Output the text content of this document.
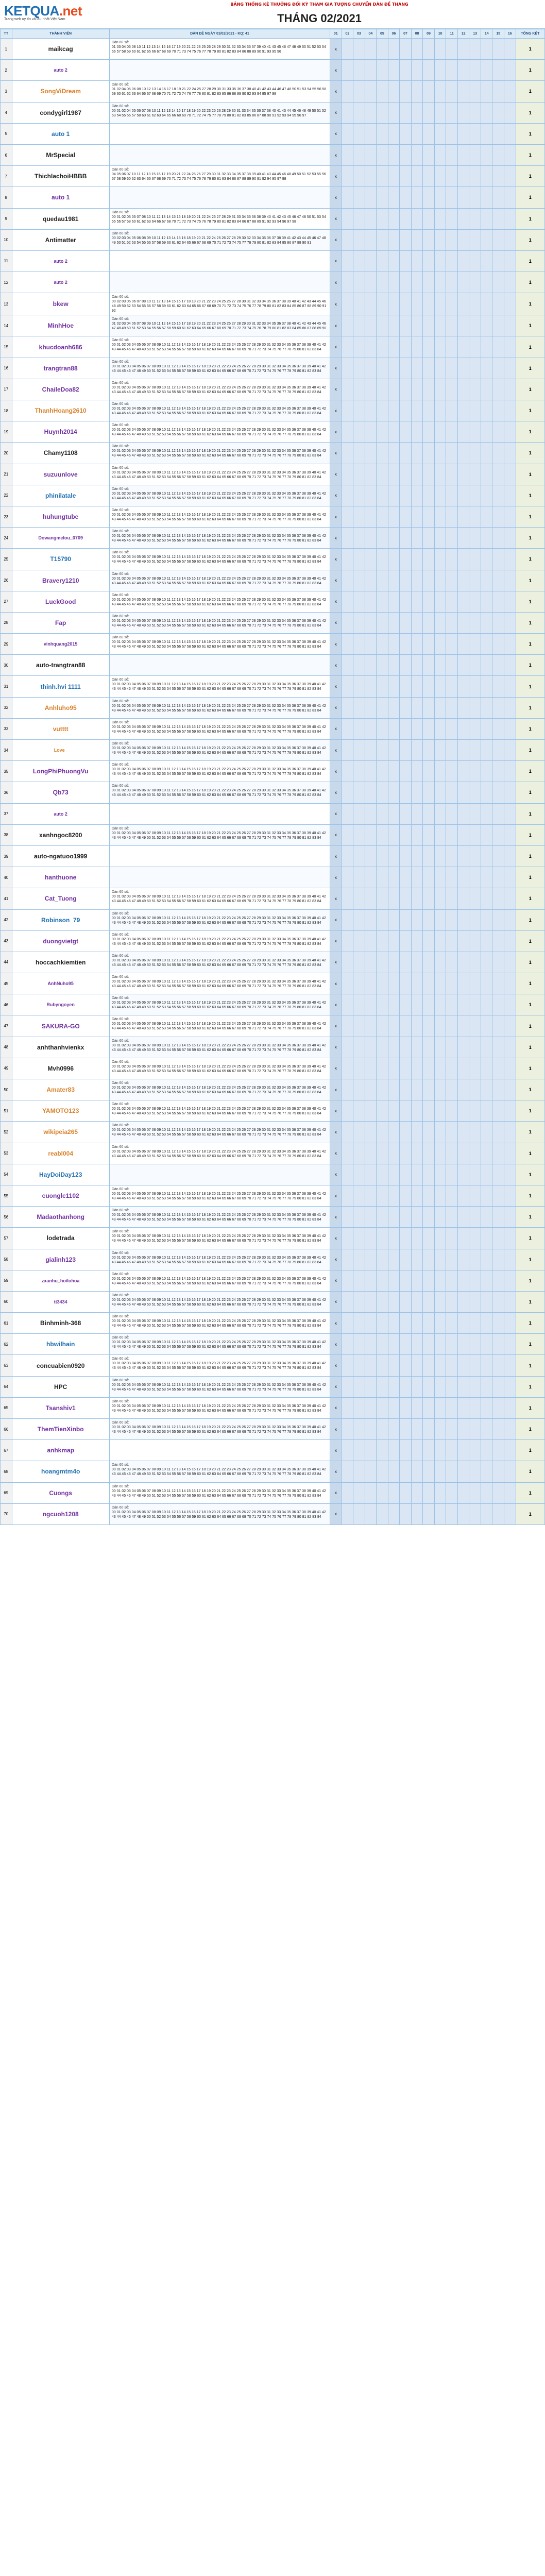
KETQUA.net
Trang web uy tín và lâu nhất Việt Nam
BẢNG THỐNG KÊ THƯỞNG ĐỐI KỲ THAM GIA TƯỢNG CHUYỂN DÀN ĐỀ THÁNG
THÁNG 02/2021
TT	THÀNH VIÊN	DÀN ĐỀ NGÀY 01/02/2021 - KQ: 41	01	02	03	04	05	06	07	08	09	10	11	12	13	14	15	16	TỔNG KẾT
1	maikcag	Dàn 60 số:
01 03 04 06 08 10 11 12 13 14 15 16 17 19 20 21 22 23 25 26 28 29 30 31 32 33 34 35 37 39 40 41 43 45 46 47 48 49 50 51 52 53 54 56 57 58 59 60 61 62 65 66 67 68 69 70 71 73 74 75 76 77 78 79 80 81 82 83 84 86 88 89 90 91 93 95 96	x																1
2	auto 2		x																1
3	SongViDream	Dàn 60 số:
01 02 04 05 06 08 10 12 13 14 16 17 18 19 21 22 24 25 27 28 29 30 31 33 35 36 37 38 40 41 42 43 44 46 47 48 50 51 53 54 55 56 58 59 60 61 62 63 64 66 67 68 69 70 71 72 73 74 76 77 78 80 81 82 83 85 86 88 89 90 92 93 94 95 97 98	x																1
4	condygirl1987	Dàn 60 số:
00 01 02 04 05 06 07 08 10 11 12 13 14 16 17 18 19 20 22 23 25 26 28 29 30 31 33 34 35 36 37 38 40 41 43 44 45 46 48 49 50 51 52 53 54 55 56 57 58 60 61 62 63 64 65 66 68 69 70 71 72 74 75 77 78 79 80 81 82 83 85 86 87 88 90 91 92 93 94 95 96 97	x																1
5	auto 1		x																1
6	MrSpecial		x																1
7	ThichlachoiHBBB	Dàn 60 số:
04 05 06 07 10 11 12 13 15 16 17 19 20 21 22 24 25 26 27 29 30 31 32 33 34 35 37 38 39 40 41 43 44 45 46 48 49 50 51 52 53 55 56 57 58 59 60 62 63 64 65 67 68 69 70 71 72 73 74 75 76 78 79 80 81 83 84 86 87 88 89 90 91 92 94 95 97 98	x																1
8	auto 1		x																1
9	quedau1981	Dàn 60 số:
00 01 02 03 05 07 08 10 11 12 13 14 15 16 18 19 20 21 22 24 26 27 28 29 31 33 34 35 36 38 39 40 41 42 43 45 46 47 48 50 51 53 54 55 56 57 58 60 61 62 63 64 66 67 68 70 71 72 73 74 75 76 78 79 80 81 82 83 84 86 87 88 89 91 92 93 94 96 97 98	x																1
10	Antimatter	Dàn 60 số:
00 02 03 04 05 06 08 09 10 11 12 13 14 15 16 18 19 20 21 22 24 25 26 27 28 29 30 32 33 34 35 36 37 38 39 41 42 43 44 45 46 47 48 49 50 51 52 53 54 55 56 57 58 59 60 61 62 64 65 66 67 68 69 70 71 72 73 74 75 77 78 79 80 81 82 83 84 85 86 87 88 90 91	x																1
11	auto 2		x																1
12	auto 2		x																1
13	bkew	Dàn 60 số:
00 02 03 05 06 07 08 10 11 12 13 14 15 16 17 18 19 20 21 22 23 24 25 26 27 28 30 31 32 33 34 35 36 37 38 39 40 41 42 43 44 45 46 48 49 50 52 53 54 55 56 57 58 59 60 61 62 63 64 65 66 67 68 69 70 71 72 73 74 75 76 77 78 79 80 81 82 83 84 85 86 87 88 89 90 91 92	x																1
14	MinhHoe	Dàn 60 số:
01 02 03 04 06 07 08 09 10 11 12 14 15 16 17 18 19 20 21 22 23 24 25 26 27 28 29 30 31 32 33 34 35 36 37 38 40 41 42 43 44 45 46 47 48 49 50 51 52 53 54 55 56 57 58 59 60 61 62 63 64 65 66 67 68 69 70 71 72 73 74 75 76 78 79 80 81 82 83 84 85 86 87 88 89 90	x																1
15	khucdoanh686	Dàn 60 số:
00 01 02 03 04 05 06 07 08 09 10 11 12 13 14 15 16 17 18 19 20 21 22 23 24 25 26 27 28 29 30 31 32 33 34 35 36 37 38 39 40 41 42 43 44 45 46 47 48 49 50 51 52 53 54 55 56 57 58 59 60 61 62 63 64 65 66 67 68 69 70 71 72 73 74 75 76 77 78 79 80 81 82 83 84	x																1
16	trangtran88	Dàn 60 số:
00 01 02 03 04 05 06 07 08 09 10 11 12 13 14 15 16 17 18 19 20 21 22 23 24 25 26 27 28 29 30 31 32 33 34 35 36 37 38 39 40 41 42 43 44 45 46 47 48 49 50 51 52 53 54 55 56 57 58 59 60 61 62 63 64 65 66 67 68 69 70 71 72 73 74 75 76 77 78 79 80 81 82 83 84	x																1
17	ChaileDoa82	Dàn 60 số:
00 01 02 03 04 05 06 07 08 09 10 11 12 13 14 15 16 17 18 19 20 21 22 23 24 25 26 27 28 29 30 31 32 33 34 35 36 37 38 39 40 41 42 43 44 45 46 47 48 49 50 51 52 53 54 55 56 57 58 59 60 61 62 63 64 65 66 67 68 69 70 71 72 73 74 75 76 77 78 79 80 81 82 83 84	x																1
18	ThanhHoang2610	Dàn 60 số:
00 01 02 03 04 05 06 07 08 09 10 11 12 13 14 15 16 17 18 19 20 21 22 23 24 25 26 27 28 29 30 31 32 33 34 35 36 37 38 39 40 41 42 43 44 45 46 47 48 49 50 51 52 53 54 55 56 57 58 59 60 61 62 63 64 65 66 67 68 69 70 71 72 73 74 75 76 77 78 79 80 81 82 83 84	x																1
19	Huynh2014	Dàn 60 số:
00 01 02 03 04 05 06 07 08 09 10 11 12 13 14 15 16 17 18 19 20 21 22 23 24 25 26 27 28 29 30 31 32 33 34 35 36 37 38 39 40 41 42 43 44 45 46 47 48 49 50 51 52 53 54 55 56 57 58 59 60 61 62 63 64 65 66 67 68 69 70 71 72 73 74 75 76 77 78 79 80 81 82 83 84	x																1
20	Chamy1108	Dàn 60 số:
00 01 02 03 04 05 06 07 08 09 10 11 12 13 14 15 16 17 18 19 20 21 22 23 24 25 26 27 28 29 30 31 32 33 34 35 36 37 38 39 40 41 42 43 44 45 46 47 48 49 50 51 52 53 54 55 56 57 58 59 60 61 62 63 64 65 66 67 68 69 70 71 72 73 74 75 76 77 78 79 80 81 82 83 84	x																1
21	suzuunlove	Dàn 60 số:
00 01 02 03 04 05 06 07 08 09 10 11 12 13 14 15 16 17 18 19 20 21 22 23 24 25 26 27 28 29 30 31 32 33 34 35 36 37 38 39 40 41 42 43 44 45 46 47 48 49 50 51 52 53 54 55 56 57 58 59 60 61 62 63 64 65 66 67 68 69 70 71 72 73 74 75 76 77 78 79 80 81 82 83 84	x																1
22	phinilatale	Dàn 60 số:
00 01 02 03 04 05 06 07 08 09 10 11 12 13 14 15 16 17 18 19 20 21 22 23 24 25 26 27 28 29 30 31 32 33 34 35 36 37 38 39 40 41 42 43 44 45 46 47 48 49 50 51 52 53 54 55 56 57 58 59 60 61 62 63 64 65 66 67 68 69 70 71 72 73 74 75 76 77 78 79 80 81 82 83 84	x																1
23	huhungtube	Dàn 60 số:
00 01 02 03 04 05 06 07 08 09 10 11 12 13 14 15 16 17 18 19 20 21 22 23 24 25 26 27 28 29 30 31 32 33 34 35 36 37 38 39 40 41 42 43 44 45 46 47 48 49 50 51 52 53 54 55 56 57 58 59 60 61 62 63 64 65 66 67 68 69 70 71 72 73 74 75 76 77 78 79 80 81 82 83 84	x																1
24	Dowangmelou_0709	Dàn 60 số:
00 01 02 03 04 05 06 07 08 09 10 11 12 13 14 15 16 17 18 19 20 21 22 23 24 25 26 27 28 29 30 31 32 33 34 35 36 37 38 39 40 41 42 43 44 45 46 47 48 49 50 51 52 53 54 55 56 57 58 59 60 61 62 63 64 65 66 67 68 69 70 71 72 73 74 75 76 77 78 79 80 81 82 83 84	x																1
25	T15790	Dàn 60 số:
00 01 02 03 04 05 06 07 08 09 10 11 12 13 14 15 16 17 18 19 20 21 22 23 24 25 26 27 28 29 30 31 32 33 34 35 36 37 38 39 40 41 42 43 44 45 46 47 48 49 50 51 52 53 54 55 56 57 58 59 60 61 62 63 64 65 66 67 68 69 70 71 72 73 74 75 76 77 78 79 80 81 82 83 84	x																1
26	Bravery1210	Dàn 60 số:
00 01 02 03 04 05 06 07 08 09 10 11 12 13 14 15 16 17 18 19 20 21 22 23 24 25 26 27 28 29 30 31 32 33 34 35 36 37 38 39 40 41 42 43 44 45 46 47 48 49 50 51 52 53 54 55 56 57 58 59 60 61 62 63 64 65 66 67 68 69 70 71 72 73 74 75 76 77 78 79 80 81 82 83 84	x																1
27	LuckGood	Dàn 60 số:
00 01 02 03 04 05 06 07 08 09 10 11 12 13 14 15 16 17 18 19 20 21 22 23 24 25 26 27 28 29 30 31 32 33 34 35 36 37 38 39 40 41 42 43 44 45 46 47 48 49 50 51 52 53 54 55 56 57 58 59 60 61 62 63 64 65 66 67 68 69 70 71 72 73 74 75 76 77 78 79 80 81 82 83 84	x																1
28	Fap	Dàn 60 số:
00 01 02 03 04 05 06 07 08 09 10 11 12 13 14 15 16 17 18 19 20 21 22 23 24 25 26 27 28 29 30 31 32 33 34 35 36 37 38 39 40 41 42 43 44 45 46 47 48 49 50 51 52 53 54 55 56 57 58 59 60 61 62 63 64 65 66 67 68 69 70 71 72 73 74 75 76 77 78 79 80 81 82 83 84	x																1
29	vinhquang2015	Dàn 60 số:
00 01 02 03 04 05 06 07 08 09 10 11 12 13 14 15 16 17 18 19 20 21 22 23 24 25 26 27 28 29 30 31 32 33 34 35 36 37 38 39 40 41 42 43 44 45 46 47 48 49 50 51 52 53 54 55 56 57 58 59 60 61 62 63 64 65 66 67 68 69 70 71 72 73 74 75 76 77 78 79 80 81 82 83 84	x																1
30	auto-trangtran88		x																1
31	thinh.hvi 1111	Dàn 60 số:
00 01 02 03 04 05 06 07 08 09 10 11 12 13 14 15 16 17 18 19 20 21 22 23 24 25 26 27 28 29 30 31 32 33 34 35 36 37 38 39 40 41 42 43 44 45 46 47 48 49 50 51 52 53 54 55 56 57 58 59 60 61 62 63 64 65 66 67 68 69 70 71 72 73 74 75 76 77 78 79 80 81 82 83 84	x																1
32	Anhluho95	Dàn 60 số:
00 01 02 03 04 05 06 07 08 09 10 11 12 13 14 15 16 17 18 19 20 21 22 23 24 25 26 27 28 29 30 31 32 33 34 35 36 37 38 39 40 41 42 43 44 45 46 47 48 49 50 51 52 53 54 55 56 57 58 59 60 61 62 63 64 65 66 67 68 69 70 71 72 73 74 75 76 77 78 79 80 81 82 83 84	x																1
33	vutttt	Dàn 60 số:
00 01 02 03 04 05 06 07 08 09 10 11 12 13 14 15 16 17 18 19 20 21 22 23 24 25 26 27 28 29 30 31 32 33 34 35 36 37 38 39 40 41 42 43 44 45 46 47 48 49 50 51 52 53 54 55 56 57 58 59 60 61 62 63 64 65 66 67 68 69 70 71 72 73 74 75 76 77 78 79 80 81 82 83 84	x																1
34	Love_	Dàn 60 số:
00 01 02 03 04 05 06 07 08 09 10 11 12 13 14 15 16 17 18 19 20 21 22 23 24 25 26 27 28 29 30 31 32 33 34 35 36 37 38 39 40 41 42 43 44 45 46 47 48 49 50 51 52 53 54 55 56 57 58 59 60 61 62 63 64 65 66 67 68 69 70 71 72 73 74 75 76 77 78 79 80 81 82 83 84	x																1
35	LongPhiPhuongVu	Dàn 60 số:
00 01 02 03 04 05 06 07 08 09 10 11 12 13 14 15 16 17 18 19 20 21 22 23 24 25 26 27 28 29 30 31 32 33 34 35 36 37 38 39 40 41 42 43 44 45 46 47 48 49 50 51 52 53 54 55 56 57 58 59 60 61 62 63 64 65 66 67 68 69 70 71 72 73 74 75 76 77 78 79 80 81 82 83 84	x																1
36	Qb73	Dàn 60 số:
00 01 02 03 04 05 06 07 08 09 10 11 12 13 14 15 16 17 18 19 20 21 22 23 24 25 26 27 28 29 30 31 32 33 34 35 36 37 38 39 40 41 42 43 44 45 46 47 48 49 50 51 52 53 54 55 56 57 58 59 60 61 62 63 64 65 66 67 68 69 70 71 72 73 74 75 76 77 78 79 80 81 82 83 84	x																1
37	auto 2		x																1
38	xanhngoc8200	Dàn 60 số:
00 01 02 03 04 05 06 07 08 09 10 11 12 13 14 15 16 17 18 19 20 21 22 23 24 25 26 27 28 29 30 31 32 33 34 35 36 37 38 39 40 41 42 43 44 45 46 47 48 49 50 51 52 53 54 55 56 57 58 59 60 61 62 63 64 65 66 67 68 69 70 71 72 73 74 75 76 77 78 79 80 81 82 83 84	x																1
39	auto-ngatuoo1999		x																1
40	hanthuone		x																1
41	Cat_Tuong	Dàn 60 số:
00 01 02 03 04 05 06 07 08 09 10 11 12 13 14 15 16 17 18 19 20 21 22 23 24 25 26 27 28 29 30 31 32 33 34 35 36 37 38 39 40 41 42 43 44 45 46 47 48 49 50 51 52 53 54 55 56 57 58 59 60 61 62 63 64 65 66 67 68 69 70 71 72 73 74 75 76 77 78 79 80 81 82 83 84	x																1
42	Robinson_79	Dàn 60 số:
00 01 02 03 04 05 06 07 08 09 10 11 12 13 14 15 16 17 18 19 20 21 22 23 24 25 26 27 28 29 30 31 32 33 34 35 36 37 38 39 40 41 42 43 44 45 46 47 48 49 50 51 52 53 54 55 56 57 58 59 60 61 62 63 64 65 66 67 68 69 70 71 72 73 74 75 76 77 78 79 80 81 82 83 84	x																1
43	duongvietgt	Dàn 60 số:
00 01 02 03 04 05 06 07 08 09 10 11 12 13 14 15 16 17 18 19 20 21 22 23 24 25 26 27 28 29 30 31 32 33 34 35 36 37 38 39 40 41 42 43 44 45 46 47 48 49 50 51 52 53 54 55 56 57 58 59 60 61 62 63 64 65 66 67 68 69 70 71 72 73 74 75 76 77 78 79 80 81 82 83 84	x																1
44	hoccachkiemtien	Dàn 60 số:
00 01 02 03 04 05 06 07 08 09 10 11 12 13 14 15 16 17 18 19 20 21 22 23 24 25 26 27 28 29 30 31 32 33 34 35 36 37 38 39 40 41 42 43 44 45 46 47 48 49 50 51 52 53 54 55 56 57 58 59 60 61 62 63 64 65 66 67 68 69 70 71 72 73 74 75 76 77 78 79 80 81 82 83 84	x																1
45	AnhNuho95	Dàn 60 số:
00 01 02 03 04 05 06 07 08 09 10 11 12 13 14 15 16 17 18 19 20 21 22 23 24 25 26 27 28 29 30 31 32 33 34 35 36 37 38 39 40 41 42 43 44 45 46 47 48 49 50 51 52 53 54 55 56 57 58 59 60 61 62 63 64 65 66 67 68 69 70 71 72 73 74 75 76 77 78 79 80 81 82 83 84	x																1
46	Rubyngoyen	Dàn 60 số:
00 01 02 03 04 05 06 07 08 09 10 11 12 13 14 15 16 17 18 19 20 21 22 23 24 25 26 27 28 29 30 31 32 33 34 35 36 37 38 39 40 41 42 43 44 45 46 47 48 49 50 51 52 53 54 55 56 57 58 59 60 61 62 63 64 65 66 67 68 69 70 71 72 73 74 75 76 77 78 79 80 81 82 83 84	x																1
47	SAKURA-GO	Dàn 60 số:
00 01 02 03 04 05 06 07 08 09 10 11 12 13 14 15 16 17 18 19 20 21 22 23 24 25 26 27 28 29 30 31 32 33 34 35 36 37 38 39 40 41 42 43 44 45 46 47 48 49 50 51 52 53 54 55 56 57 58 59 60 61 62 63 64 65 66 67 68 69 70 71 72 73 74 75 76 77 78 79 80 81 82 83 84	x																1
48	anhthanhvienkx	Dàn 60 số:
00 01 02 03 04 05 06 07 08 09 10 11 12 13 14 15 16 17 18 19 20 21 22 23 24 25 26 27 28 29 30 31 32 33 34 35 36 37 38 39 40 41 42 43 44 45 46 47 48 49 50 51 52 53 54 55 56 57 58 59 60 61 62 63 64 65 66 67 68 69 70 71 72 73 74 75 76 77 78 79 80 81 82 83 84	x																1
49	Mvh0996	Dàn 60 số:
00 01 02 03 04 05 06 07 08 09 10 11 12 13 14 15 16 17 18 19 20 21 22 23 24 25 26 27 28 29 30 31 32 33 34 35 36 37 38 39 40 41 42 43 44 45 46 47 48 49 50 51 52 53 54 55 56 57 58 59 60 61 62 63 64 65 66 67 68 69 70 71 72 73 74 75 76 77 78 79 80 81 82 83 84	x																1
50	Amater83	Dàn 60 số:
00 01 02 03 04 05 06 07 08 09 10 11 12 13 14 15 16 17 18 19 20 21 22 23 24 25 26 27 28 29 30 31 32 33 34 35 36 37 38 39 40 41 42 43 44 45 46 47 48 49 50 51 52 53 54 55 56 57 58 59 60 61 62 63 64 65 66 67 68 69 70 71 72 73 74 75 76 77 78 79 80 81 82 83 84	x																1
51	YAMOTO123	Dàn 60 số:
00 01 02 03 04 05 06 07 08 09 10 11 12 13 14 15 16 17 18 19 20 21 22 23 24 25 26 27 28 29 30 31 32 33 34 35 36 37 38 39 40 41 42 43 44 45 46 47 48 49 50 51 52 53 54 55 56 57 58 59 60 61 62 63 64 65 66 67 68 69 70 71 72 73 74 75 76 77 78 79 80 81 82 83 84	x																1
52	wikipeia265	Dàn 60 số:
00 01 02 03 04 05 06 07 08 09 10 11 12 13 14 15 16 17 18 19 20 21 22 23 24 25 26 27 28 29 30 31 32 33 34 35 36 37 38 39 40 41 42 43 44 45 46 47 48 49 50 51 52 53 54 55 56 57 58 59 60 61 62 63 64 65 66 67 68 69 70 71 72 73 74 75 76 77 78 79 80 81 82 83 84	x																1
53	reabl004	Dàn 60 số:
00 01 02 03 04 05 06 07 08 09 10 11 12 13 14 15 16 17 18 19 20 21 22 23 24 25 26 27 28 29 30 31 32 33 34 35 36 37 38 39 40 41 42 43 44 45 46 47 48 49 50 51 52 53 54 55 56 57 58 59 60 61 62 63 64 65 66 67 68 69 70 71 72 73 74 75 76 77 78 79 80 81 82 83 84	x																1
54	HayDoiDay123		x																1
55	cuonglc1102	Dàn 60 số:
00 01 02 03 04 05 06 07 08 09 10 11 12 13 14 15 16 17 18 19 20 21 22 23 24 25 26 27 28 29 30 31 32 33 34 35 36 37 38 39 40 41 42 43 44 45 46 47 48 49 50 51 52 53 54 55 56 57 58 59 60 61 62 63 64 65 66 67 68 69 70 71 72 73 74 75 76 77 78 79 80 81 82 83 84	x																1
56	Madaothanhong	Dàn 60 số:
00 01 02 03 04 05 06 07 08 09 10 11 12 13 14 15 16 17 18 19 20 21 22 23 24 25 26 27 28 29 30 31 32 33 34 35 36 37 38 39 40 41 42 43 44 45 46 47 48 49 50 51 52 53 54 55 56 57 58 59 60 61 62 63 64 65 66 67 68 69 70 71 72 73 74 75 76 77 78 79 80 81 82 83 84	x																1
57	lodetrada	Dàn 60 số:
00 01 02 03 04 05 06 07 08 09 10 11 12 13 14 15 16 17 18 19 20 21 22 23 24 25 26 27 28 29 30 31 32 33 34 35 36 37 38 39 40 41 42 43 44 45 46 47 48 49 50 51 52 53 54 55 56 57 58 59 60 61 62 63 64 65 66 67 68 69 70 71 72 73 74 75 76 77 78 79 80 81 82 83 84	x																1
58	gialinh123	Dàn 60 số:
00 01 02 03 04 05 06 07 08 09 10 11 12 13 14 15 16 17 18 19 20 21 22 23 24 25 26 27 28 29 30 31 32 33 34 35 36 37 38 39 40 41 42 43 44 45 46 47 48 49 50 51 52 53 54 55 56 57 58 59 60 61 62 63 64 65 66 67 68 69 70 71 72 73 74 75 76 77 78 79 80 81 82 83 84	x																1
59	zxanhu_hoilohoa	Dàn 60 số:
00 01 02 03 04 05 06 07 08 09 10 11 12 13 14 15 16 17 18 19 20 21 22 23 24 25 26 27 28 29 30 31 32 33 34 35 36 37 38 39 40 41 42 43 44 45 46 47 48 49 50 51 52 53 54 55 56 57 58 59 60 61 62 63 64 65 66 67 68 69 70 71 72 73 74 75 76 77 78 79 80 81 82 83 84	x																1
60	tt3434	Dàn 60 số:
00 01 02 03 04 05 06 07 08 09 10 11 12 13 14 15 16 17 18 19 20 21 22 23 24 25 26 27 28 29 30 31 32 33 34 35 36 37 38 39 40 41 42 43 44 45 46 47 48 49 50 51 52 53 54 55 56 57 58 59 60 61 62 63 64 65 66 67 68 69 70 71 72 73 74 75 76 77 78 79 80 81 82 83 84	x																1
61	Binhminh-368	Dàn 60 số:
00 01 02 03 04 05 06 07 08 09 10 11 12 13 14 15 16 17 18 19 20 21 22 23 24 25 26 27 28 29 30 31 32 33 34 35 36 37 38 39 40 41 42 43 44 45 46 47 48 49 50 51 52 53 54 55 56 57 58 59 60 61 62 63 64 65 66 67 68 69 70 71 72 73 74 75 76 77 78 79 80 81 82 83 84	x																1
62	hbwilhain	Dàn 60 số:
00 01 02 03 04 05 06 07 08 09 10 11 12 13 14 15 16 17 18 19 20 21 22 23 24 25 26 27 28 29 30 31 32 33 34 35 36 37 38 39 40 41 42 43 44 45 46 47 48 49 50 51 52 53 54 55 56 57 58 59 60 61 62 63 64 65 66 67 68 69 70 71 72 73 74 75 76 77 78 79 80 81 82 83 84	x																1
63	concuabien0920	Dàn 60 số:
00 01 02 03 04 05 06 07 08 09 10 11 12 13 14 15 16 17 18 19 20 21 22 23 24 25 26 27 28 29 30 31 32 33 34 35 36 37 38 39 40 41 42 43 44 45 46 47 48 49 50 51 52 53 54 55 56 57 58 59 60 61 62 63 64 65 66 67 68 69 70 71 72 73 74 75 76 77 78 79 80 81 82 83 84	x																1
64	HPC	Dàn 60 số:
00 01 02 03 04 05 06 07 08 09 10 11 12 13 14 15 16 17 18 19 20 21 22 23 24 25 26 27 28 29 30 31 32 33 34 35 36 37 38 39 40 41 42 43 44 45 46 47 48 49 50 51 52 53 54 55 56 57 58 59 60 61 62 63 64 65 66 67 68 69 70 71 72 73 74 75 76 77 78 79 80 81 82 83 84	x																1
65	Tsanshiv1	Dàn 60 số:
00 01 02 03 04 05 06 07 08 09 10 11 12 13 14 15 16 17 18 19 20 21 22 23 24 25 26 27 28 29 30 31 32 33 34 35 36 37 38 39 40 41 42 43 44 45 46 47 48 49 50 51 52 53 54 55 56 57 58 59 60 61 62 63 64 65 66 67 68 69 70 71 72 73 74 75 76 77 78 79 80 81 82 83 84	x																1
66	ThemTienXinbo	Dàn 60 số:
00 01 02 03 04 05 06 07 08 09 10 11 12 13 14 15 16 17 18 19 20 21 22 23 24 25 26 27 28 29 30 31 32 33 34 35 36 37 38 39 40 41 42 43 44 45 46 47 48 49 50 51 52 53 54 55 56 57 58 59 60 61 62 63 64 65 66 67 68 69 70 71 72 73 74 75 76 77 78 79 80 81 82 83 84	x																1
67	anhkmap		x																1
68	hoangmtm4o	Dàn 60 số:
00 01 02 03 04 05 06 07 08 09 10 11 12 13 14 15 16 17 18 19 20 21 22 23 24 25 26 27 28 29 30 31 32 33 34 35 36 37 38 39 40 41 42 43 44 45 46 47 48 49 50 51 52 53 54 55 56 57 58 59 60 61 62 63 64 65 66 67 68 69 70 71 72 73 74 75 76 77 78 79 80 81 82 83 84	x																1
69	Cuongs	Dàn 60 số:
00 01 02 03 04 05 06 07 08 09 10 11 12 13 14 15 16 17 18 19 20 21 22 23 24 25 26 27 28 29 30 31 32 33 34 35 36 37 38 39 40 41 42 43 44 45 46 47 48 49 50 51 52 53 54 55 56 57 58 59 60 61 62 63 64 65 66 67 68 69 70 71 72 73 74 75 76 77 78 79 80 81 82 83 84	x																1
70	ngcuoh1208	Dàn 60 số:
00 01 02 03 04 05 06 07 08 09 10 11 12 13 14 15 16 17 18 19 20 21 22 23 24 25 26 27 28 29 30 31 32 33 34 35 36 37 38 39 40 41 42 43 44 45 46 47 48 49 50 51 52 53 54 55 56 57 58 59 60 61 62 63 64 65 66 67 68 69 70 71 72 73 74 75 76 77 78 79 80 81 82 83 84	x																1
